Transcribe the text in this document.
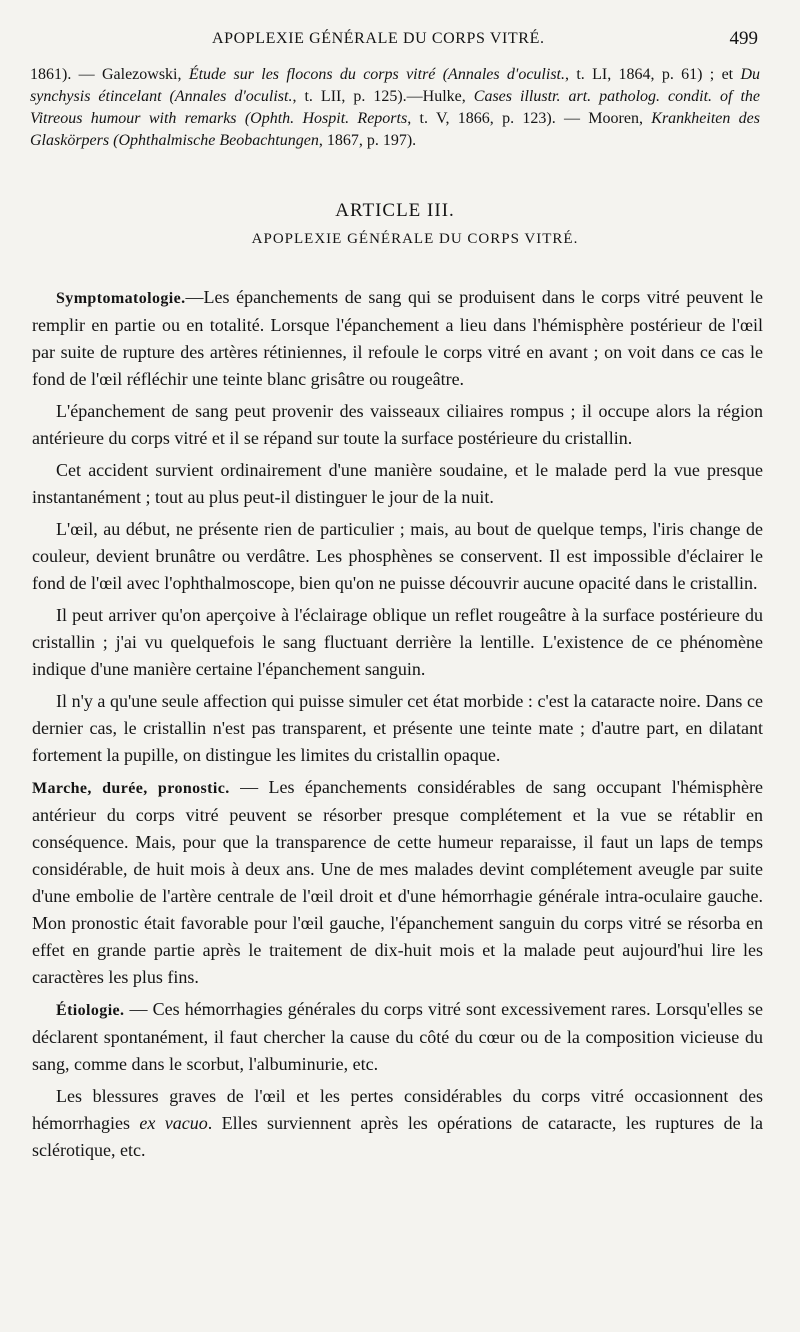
APOPLEXIE GÉNÉRALE DU CORPS VITRÉ.	499

1861). — Galezowski, Étude sur les flocons du corps vitré (Annales d'oculist., t. LI, 1864, p. 61) ; et Du synchysis étincelant (Annales d'oculist., t. LII, p. 125).—Hulke, Cases illustr. art. patholog. condit. of the Vitreous humour with remarks (Ophth. Hospit. Reports, t. V, 1866, p. 123). — Mooren, Krankheiten des Glaskörpers (Ophthalmische Beobachtungen, 1867, p. 197).

ARTICLE III.
APOPLEXIE GÉNÉRALE DU CORPS VITRÉ.

Symptomatologie.—Les épanchements de sang qui se produisent dans le corps vitré peuvent le remplir en partie ou en totalité. Lorsque l'épanchement a lieu dans l'hémisphère postérieur de l'œil par suite de rupture des artères rétiniennes, il refoule le corps vitré en avant ; on voit dans ce cas le fond de l'œil réfléchir une teinte blanc grisâtre ou rougeâtre.

L'épanchement de sang peut provenir des vaisseaux ciliaires rompus ; il occupe alors la région antérieure du corps vitré et il se répand sur toute la surface postérieure du cristallin.

Cet accident survient ordinairement d'une manière soudaine, et le malade perd la vue presque instantanément ; tout au plus peut-il distinguer le jour de la nuit.

L'œil, au début, ne présente rien de particulier ; mais, au bout de quelque temps, l'iris change de couleur, devient brunâtre ou verdâtre. Les phosphènes se conservent. Il est impossible d'éclairer le fond de l'œil avec l'ophthalmoscope, bien qu'on ne puisse découvrir aucune opacité dans le cristallin.

Il peut arriver qu'on aperçoive à l'éclairage oblique un reflet rougeâtre à la surface postérieure du cristallin ; j'ai vu quelquefois le sang fluctuant derrière la lentille. L'existence de ce phénomène indique d'une manière certaine l'épanchement sanguin.

Il n'y a qu'une seule affection qui puisse simuler cet état morbide : c'est la cataracte noire. Dans ce dernier cas, le cristallin n'est pas transparent, et présente une teinte mate ; d'autre part, en dilatant fortement la pupille, on distingue les limites du cristallin opaque.

Marche, durée, pronostic. — Les épanchements considérables de sang occupant l'hémisphère antérieur du corps vitré peuvent se résorber presque complétement et la vue se rétablir en conséquence. Mais, pour que la transparence de cette humeur reparaisse, il faut un laps de temps considérable, de huit mois à deux ans. Une de mes malades devint complétement aveugle par suite d'une embolie de l'artère centrale de l'œil droit et d'une hémorrhagie générale intra-oculaire gauche. Mon pronostic était favorable pour l'œil gauche, l'épanchement sanguin du corps vitré se résorba en effet en grande partie après le traitement de dix-huit mois et la malade peut aujourd'hui lire les caractères les plus fins.

Étiologie. — Ces hémorrhagies générales du corps vitré sont excessivement rares. Lorsqu'elles se déclarent spontanément, il faut chercher la cause du côté du cœur ou de la composition vicieuse du sang, comme dans le scorbut, l'albuminurie, etc.

Les blessures graves de l'œil et les pertes considérables du corps vitré occasionnent des hémorrhagies ex vacuo. Elles surviennent après les opérations de cataracte, les ruptures de la sclérotique, etc.
